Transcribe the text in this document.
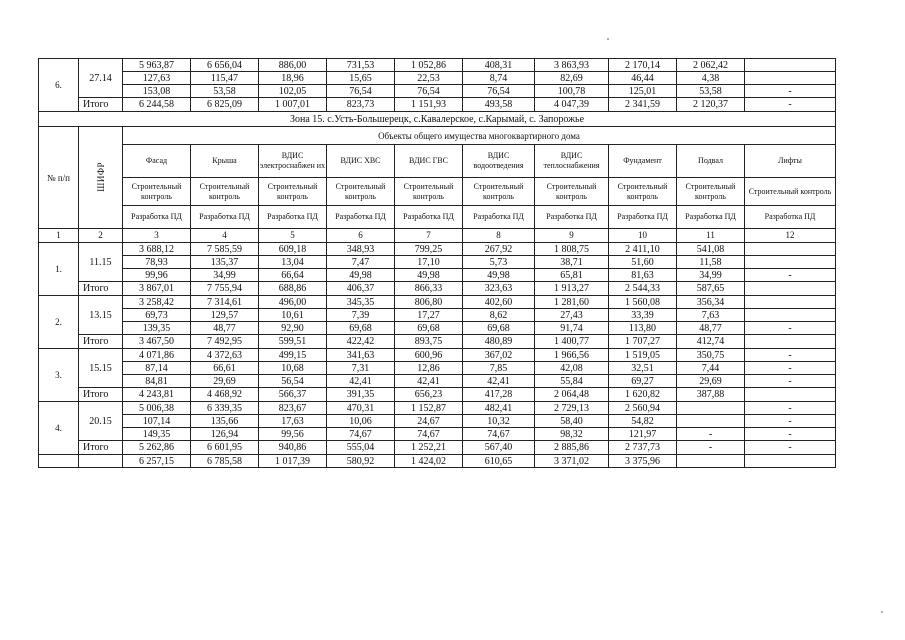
6.	27.14	5 963,87	6 656,04	886,00	731,53	1 052,86	408,31	3 863,93	2 170,14	2 062,42	
		127,63	115,47	18,96	15,65	22,53	8,74	82,69	46,44	4,38	
		153,08	53,58	102,05	76,54	76,54	76,54	100,78	125,01	53,58	-
	Итого	6 244,58	6 825,09	1 007,01	823,73	1 151,93	493,58	4 047,39	2 341,59	2 120,37	-
Зона 15. с.Усть-Большерецк, с.Кавалерское, с.Карымай, с. Запорожье											
№ п/п	ШИФР	Объекты общего имущества многоквартирного дома									
		Фасад	Крыша	ВДИС электроснабжен их	ВДИС ХВС	ВДИС ГВС	ВДИС водоотведения	ВДИС теплоснабжения	Фундамент	Подвал	Лифты
		Строительный контроль	Строительный контроль	Строительный контроль	Строительный контроль	Строительный контроль	Строительный контроль	Строительный контроль	Строительный контроль	Строительный контроль	Строительный контроль
		Разработка ПД	Разработка ПД	Разработка ПД	Разработка ПД	Разработка ПД	Разработка ПД	Разработка ПД	Разработка ПД	Разработка ПД	Разработка ПД
1	2	3	4	5	6	7	8	9	10	11	12
1.	11.15	3 688,12	7 585,59	609,18	348,93	799,25	267,92	1 808,75	2 411,10	541,08	
		78,93	135,37	13,04	7,47	17,10	5,73	38,71	51,60	11,58	
		99,96	34,99	66,64	49,98	49,98	49,98	65,81	81,63	34,99	-
	Итого	3 867,01	7 755,94	688,86	406,37	866,33	323,63	1 913,27	2 544,33	587,65	
2.	13.15	3 258,42	7 314,61	496,00	345,35	806,80	402,60	1 281,60	1 560,08	356,34	
		69,73	129,57	10,61	7,39	17,27	8,62	27,43	33,39	7,63	
		139,35	48,77	92,90	69,68	69,68	69,68	91,74	113,80	48,77	-
	Итого	3 467,50	7 492,95	599,51	422,42	893,75	480,89	1 400,77	1 707,27	412,74	
3.	15.15	4 071,86	4 372,63	499,15	341,63	600,96	367,02	1 966,56	1 519,05	350,75	-
		87,14	66,61	10,68	7,31	12,86	7,85	42,08	32,51	7,44	-
		84,81	29,69	56,54	42,41	42,41	42,41	55,84	69,27	29,69	-
	Итого	4 243,81	4 468,92	566,37	391,35	656,23	417,28	2 064,48	1 620,82	387,88	
4.	20.15	5 006,38	6 339,35	823,67	470,31	1 152,87	482,41	2 729,13	2 560,94		-
		107,14	135,66	17,63	10,06	24,67	10,32	58,40	54,82		-
		149,35	126,94	99,56	74,67	74,67	74,67	98,32	121,97	-	-
	Итого	5 262,86	6 601,95	940,86	555,04	1 252,21	567,40	2 885,86	2 737,73	-	-
		6 257,15	6 785,58	1 017,39	580,92	1 424,02	610,65	3 371,02	3 375,96		
